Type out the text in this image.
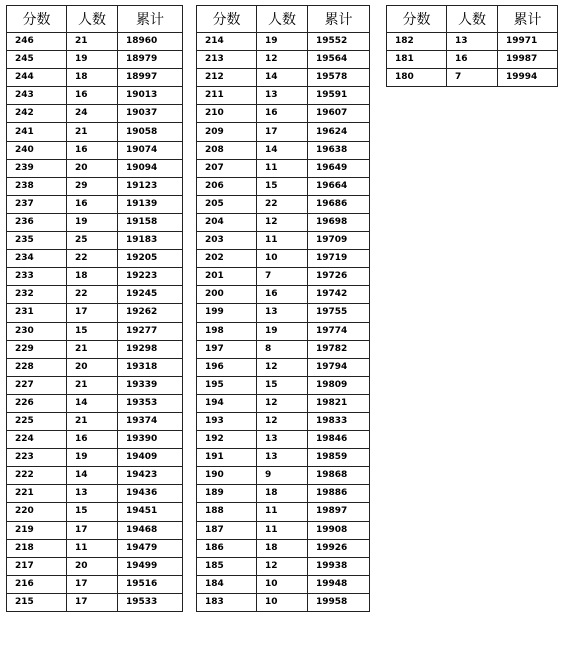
分数	人数	累计
246	21	18960
245	19	18979
244	18	18997
243	16	19013
242	24	19037
241	21	19058
240	16	19074
239	20	19094
238	29	19123
237	16	19139
236	19	19158
235	25	19183
234	22	19205
233	18	19223
232	22	19245
231	17	19262
230	15	19277
229	21	19298
228	20	19318
227	21	19339
226	14	19353
225	21	19374
224	16	19390
223	19	19409
222	14	19423
221	13	19436
220	15	19451
219	17	19468
218	11	19479
217	20	19499
216	17	19516
215	17	19533
分数	人数	累计
214	19	19552
213	12	19564
212	14	19578
211	13	19591
210	16	19607
209	17	19624
208	14	19638
207	11	19649
206	15	19664
205	22	19686
204	12	19698
203	11	19709
202	10	19719
201	7	19726
200	16	19742
199	13	19755
198	19	19774
197	8	19782
196	12	19794
195	15	19809
194	12	19821
193	12	19833
192	13	19846
191	13	19859
190	9	19868
189	18	19886
188	11	19897
187	11	19908
186	18	19926
185	12	19938
184	10	19948
183	10	19958
分数	人数	累计
182	13	19971
181	16	19987
180	7	19994
